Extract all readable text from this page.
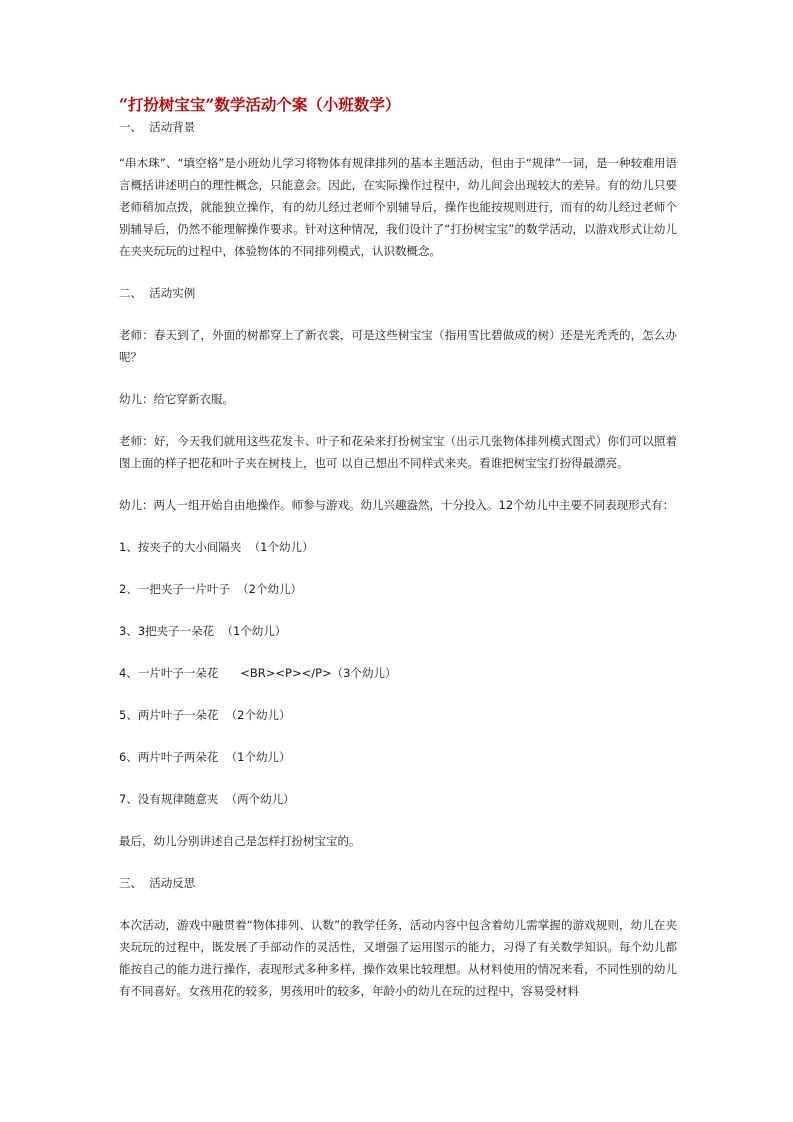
“打扮树宝宝”数学活动个案（小班数学）

一、  活动背景

“串木珠”、“填空格”是小班幼儿学习将物体有规律排列的基本主题活动，但由于“规律”一词，是一种较难用语言概括讲述明白的理性概念，只能意会。因此，在实际操作过程中，幼儿间会出现较大的差异。有的幼儿只要老师稍加点拨，就能独立操作，有的幼儿经过老师个别辅导后，操作也能按规则进行，而有的幼儿经过老师个别辅导后，仍然不能理解操作要求。针对这种情况，我们设计了“打扮树宝宝”的数学活动，以游戏形式让幼儿在夹夹玩玩的过程中，体验物体的不同排列模式，认识数概念。

二、  活动实例

老师：春天到了，外面的树都穿上了新衣裳，可是这些树宝宝（指用雪比碧做成的树）还是光秃秃的，怎么办呢？

幼儿：给它穿新衣服。

老师：好，今天我们就用这些花发卡、叶子和花朵来打扮树宝宝（出示几张物体排列模式图式）你们可以照着图上面的样子把花和叶子夹在树枝上，也可 以自己想出不同样式来夹。看谁把树宝宝打扮得最漂亮。

幼儿：两人一组开始自由地操作。师参与游戏。幼儿兴趣盎然，十分投入。12个幼儿中主要不同表现形式有：

1、按夹子的大小间隔夹  （1个幼儿）

2、一把夹子一片叶子  （2个幼儿）

3、3把夹子一朵花  （1个幼儿）

4、一片叶子一朵花      <BR><P></P>（3个幼儿）

5、两片叶子一朵花  （2个幼儿）

6、两片叶子两朵花  （1个幼儿）

7、没有规律随意夹  （两个幼儿）

最后，幼儿分别讲述自己是怎样打扮树宝宝的。

三、  活动反思

本次活动，游戏中融贯着“物体排列、认数”的教学任务，活动内容中包含着幼儿需掌握的游戏规则，幼儿在夹夹玩玩的过程中，既发展了手部动作的灵活性，又增强了运用图示的能力，习得了有关数学知识。每个幼儿都能按自己的能力进行操作，表现形式多种多样，操作效果比较理想。从材料使用的情况来看，不同性别的幼儿有不同喜好。女孩用花的较多，男孩用叶的较多，年龄小的幼儿在玩的过程中，容易受材料
